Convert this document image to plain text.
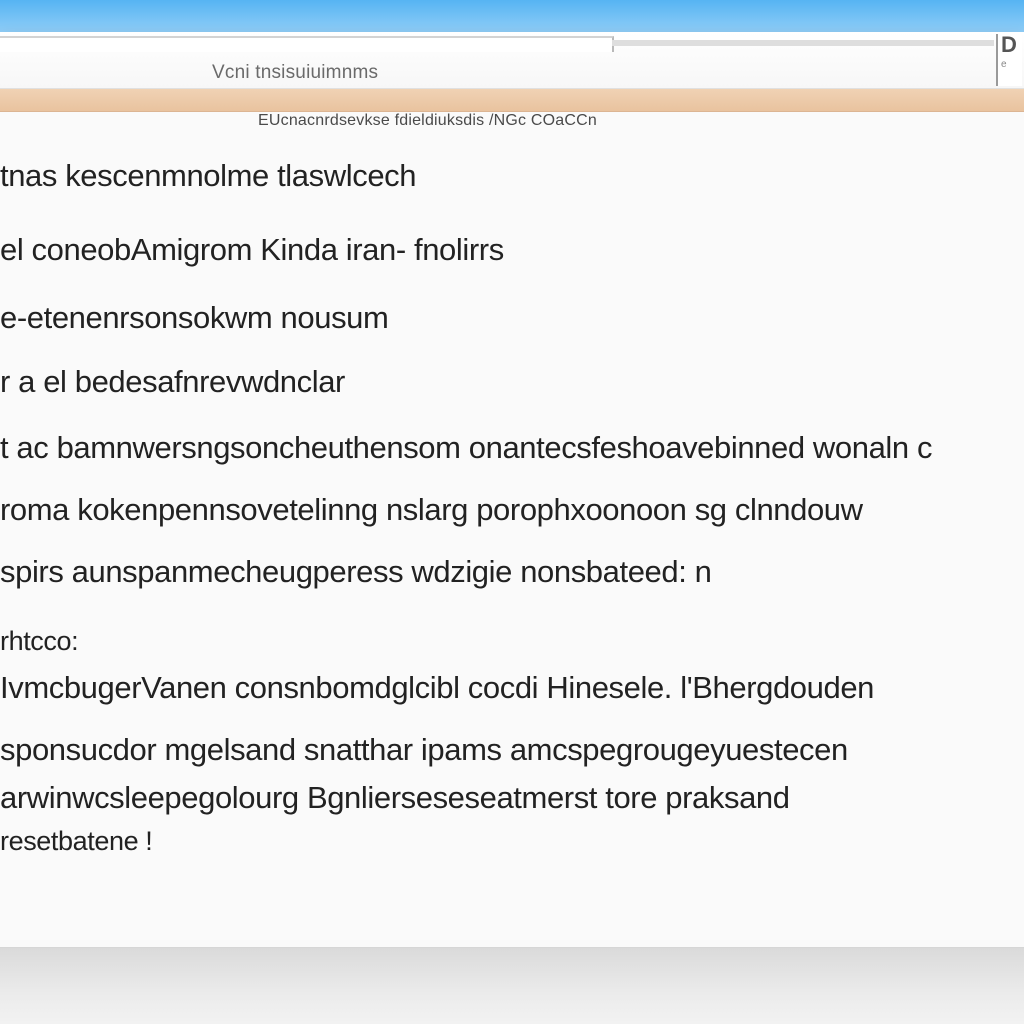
Vcni tnsisuiuimnms
D
e
EUcnacnrdsevkse fdieldiuksdis /NGc COaCCn
tnas kescenmnolme tlaswlcech
el coneobAmigrom Kinda iran- fnolirrs
e-etenenrsonsokwm nousum
r a el bedesafnrevwdnclar
t ac bamnwersngsoncheuthensom onantecsfeshoavebinned wonaln c
roma kokenpennsovetelinng nslarg porophxoonoon sg clnndouw
spirs aunspanmecheugperess wdzigie nonsbateed: n
rhtcco:
IvmcbugerVanen consnbomdglcibl cocdi Hinesele. l'Bhergdouden
sponsucdor mgelsand snatthar ipams amcspegrougeyuestecen
arwinwcsleepegolourg Bgnlierseseseatmerst tore praksand
resetbatene !
